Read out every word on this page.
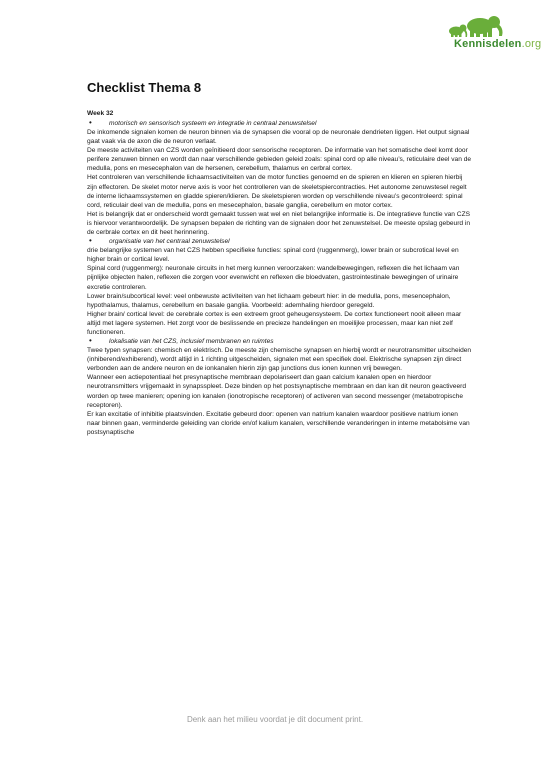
Kennisdelen.org
Checklist Thema 8
Week 32
•	motorisch en sensorisch systeem en integratie in centraal zenuwstelsel

De inkomende signalen komen de neuron binnen via de synapsen die vooral op de neuronale dendrieten liggen. Het output signaal gaat vaak via de axon die de neuron verlaat.

De meeste activiteiten van CZS worden geïnitieerd door sensorische receptoren. De informatie van het somatische deel komt door perifere zenuwen binnen en wordt dan naar verschillende gebieden geleid zoals: spinal cord op alle niveau’s, reticulaire deel van de medulla, pons en mesecephalon van de hersenen, cerebellum, thalamus en cerbral cortex.

Het controleren van verschillende lichaamsactiviteiten van de motor functies genoemd en de spieren en klieren en spieren hierbij zijn effectoren. De skelet motor nerve axis is voor het controlleren van de skeletspiercontracties. Het autonome zenuwstesel regelt de interne lichaamssystemen en gladde spieren/klieren. De skeletspieren worden op verschillende niveau’s gecontroleerd: spinal cord, reticulair deel van de medulla, pons en mesecephalon, basale ganglia, cerebellum en motor cortex.

Het is belangrijk dat er onderscheid wordt gemaakt tussen wat wel en niet belangrijke informatie is. De integratieve functie van CZS is hiervoor verantwoordelijk. De synapsen bepalen de richting van de signalen door het zenuwstelsel. De meeste opslag gebeurd in de cerbrale cortex en dit heet herinnering.

•	organisatie van het centraal zenuwstelsel

drie belangrijke systemen van het CZS hebben specifieke functies: spinal cord (ruggenmerg), lower brain or subcrotical level en higher brain or cortical level.

Spinal cord (ruggenmerg): neuronale circuits in het merg kunnen veroorzaken: wandelbewegingen, reflexen die het lichaam van pijnlijke objecten halen, reflexen die zorgen voor evenwicht en reflexen die bloedvaten, gastrointestinale bewegingen of urinaire excretie controleren.

Lower brain/subcortical level: veel onbewuste activiteiten van het lichaam gebeurt hier: in de medulla, pons, mesencephalon, hypothalamus, thalamus, cerebellum en basale ganglia. Voorbeeld: ademhaling hierdoor geregeld.

Higher brain/ cortical level: de cerebrale cortex is een extreem groot geheugensysteem. De cortex functioneert nooit alleen maar altijd met lagere systemen. Het zorgt voor de beslissende en precieze handelingen en moeilijke processen, maar kan niet zelf functioneren.

•	lokalisatie van het CZS, inclusief membranen en ruimtes

Twee typen synapsen: chemisch en elektrisch. De meeste zijn chemische synapsen en hierbij wordt er neurotransmitter uitscheiden (inhiberend/exhiberend), wordt altijd in 1 richting uitgescheiden, signalen met een specifiek doel. Elektrische synapsen zijn direct verbonden aan de andere neuron en de ionkanalen hierin zijn gap junctions dus ionen kunnen vrij bewegen.

Wanneer een actiepotentiaal het presynaptische membraan depolariseert dan gaan calcium kanalen open en hierdoor neurotransmitters vrijgemaakt in synapsspleet. Deze binden op het postsynaptische membraan en dan kan dit neuron geactiveerd worden op twee manieren; opening ion kanalen (ionotropische receptoren) of activeren van second messenger (metabotropische receptoren).

Er kan excitatie of inhibitie plaatsvinden. Excitatie gebeurd door: openen van natrium kanalen waardoor positieve natrium ionen naar binnen gaan, verminderde geleiding van cloride en/of kalium kanalen, verschillende veranderingen in interne metabolsime van postsynaptische

Denk aan het milieu voordat je dit document print.
